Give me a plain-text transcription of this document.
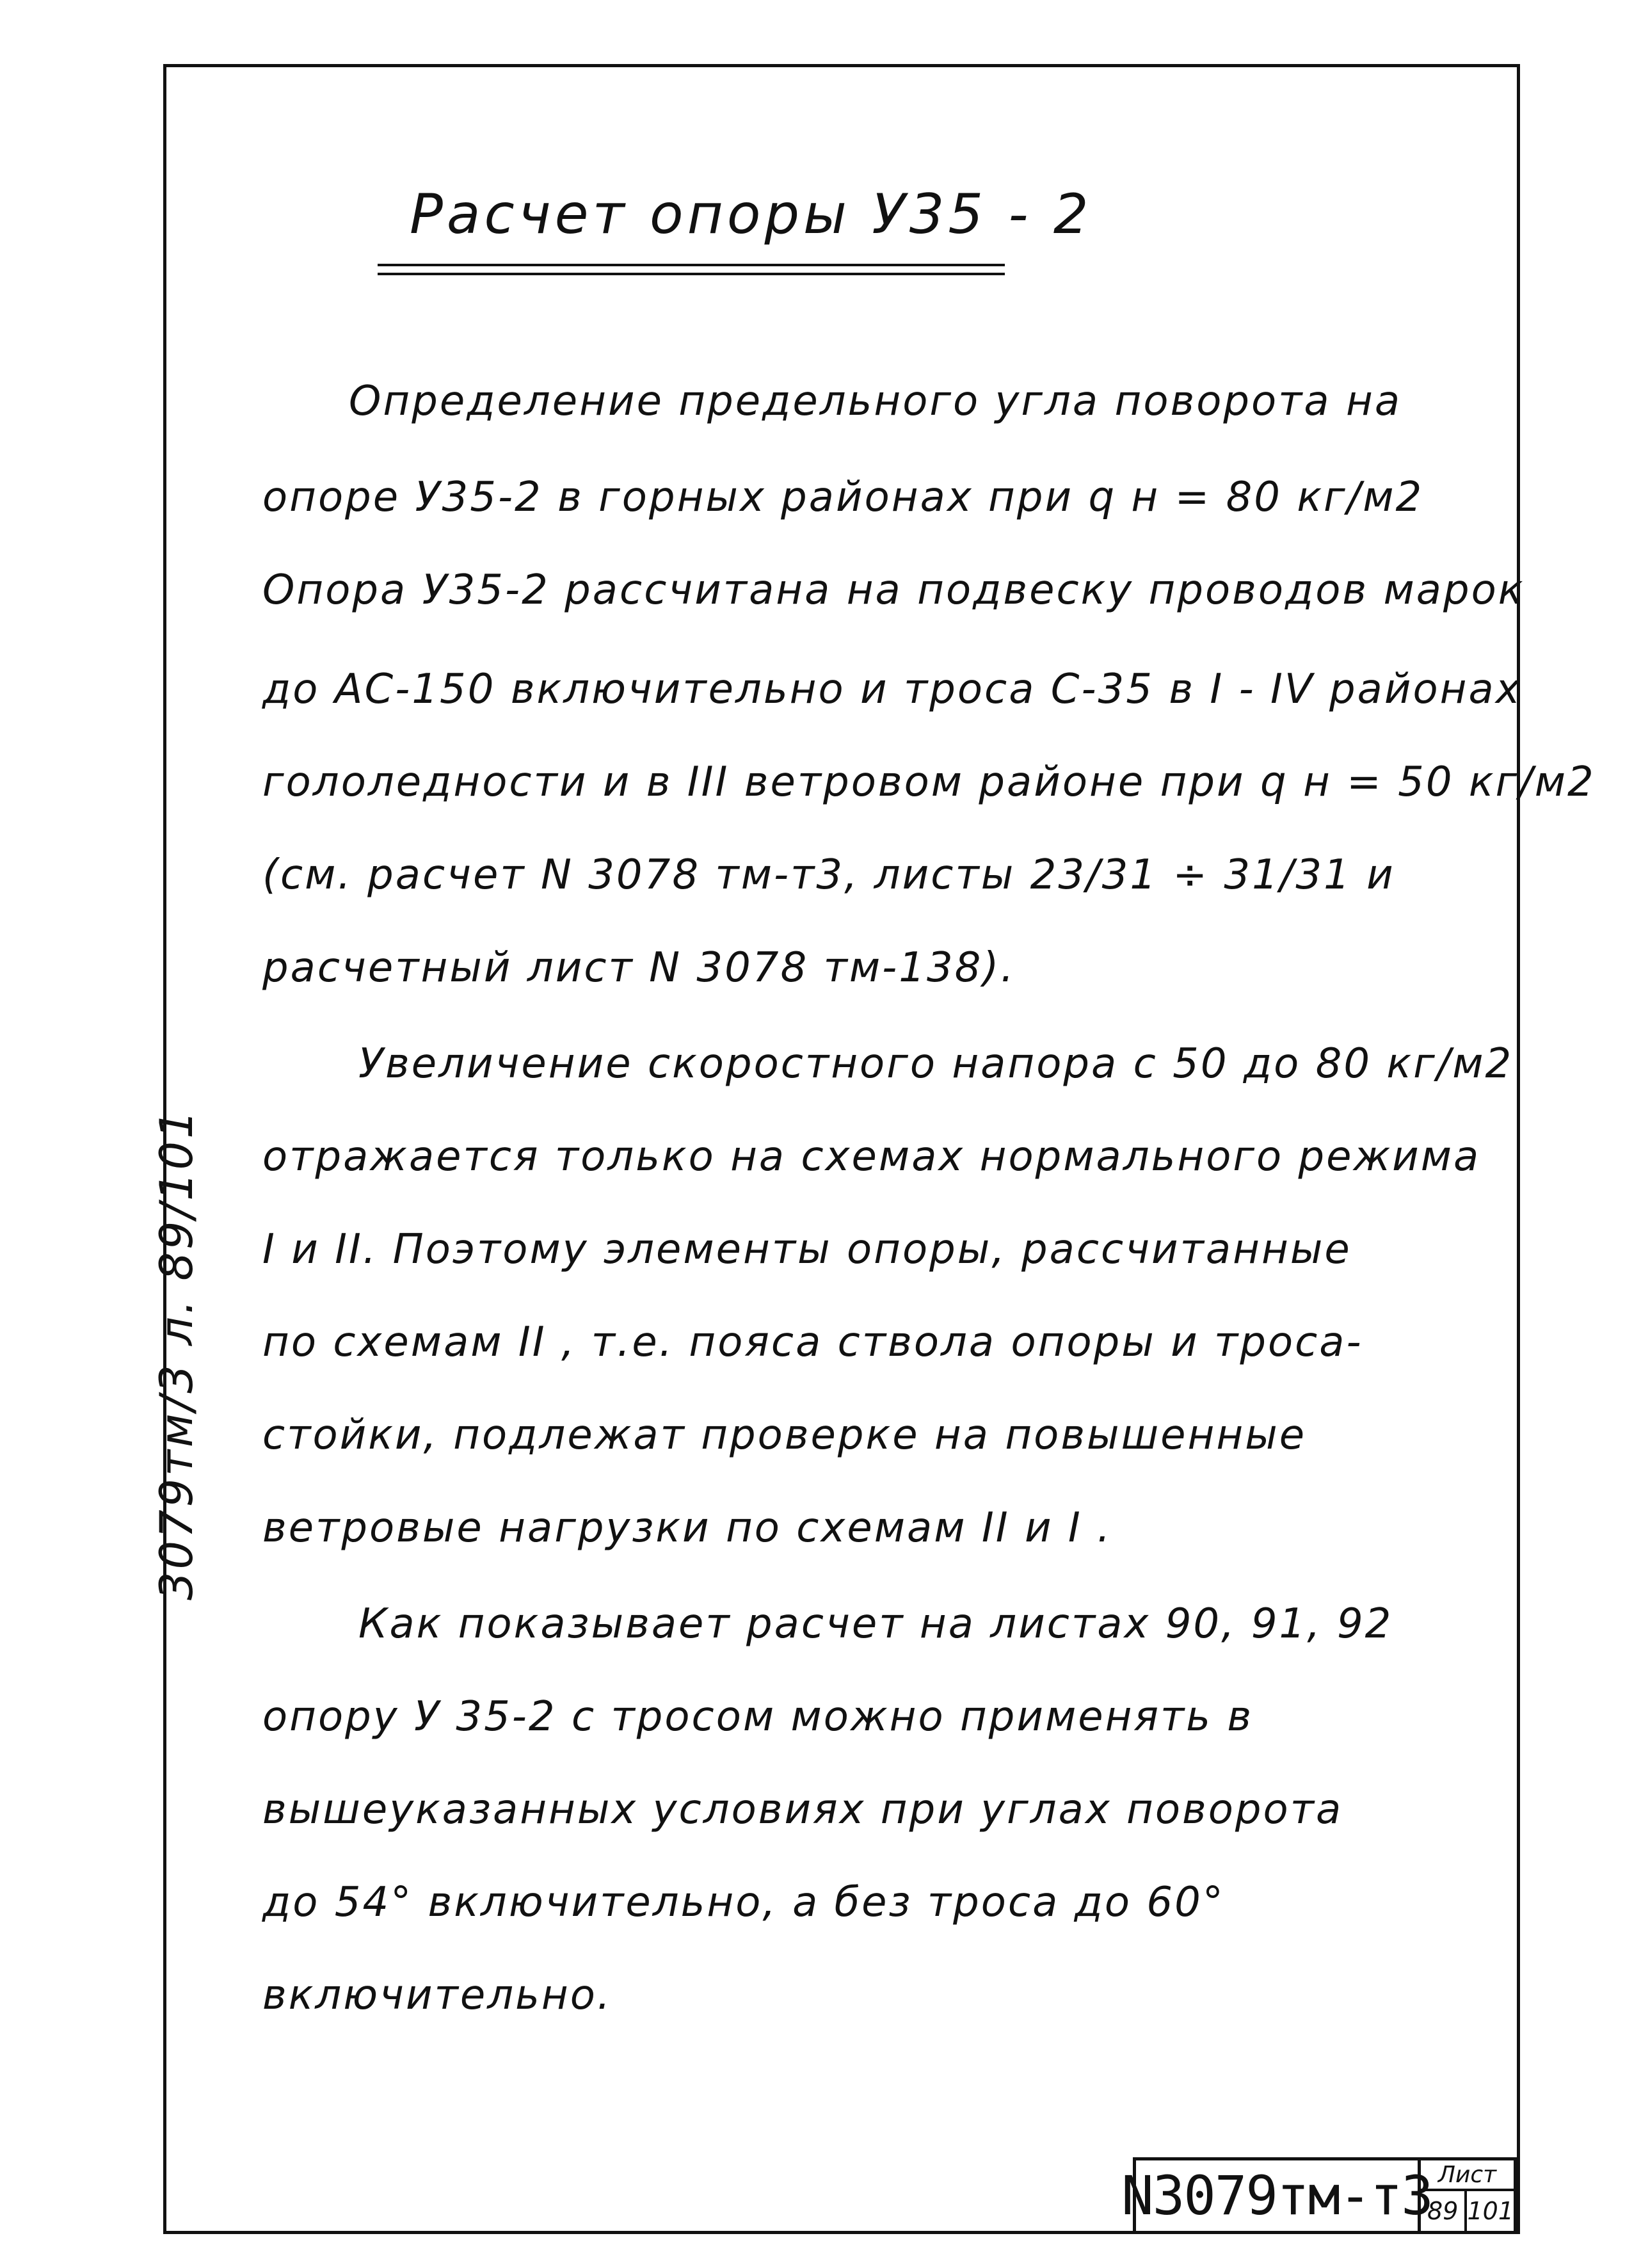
Расчет опоры У35 - 2
Определение предельного угла поворота на
опоре У35-2 в горных районах при q н = 80 кг/м2
Опора У35-2 рассчитана на подвеску проводов марок
до АС-150 включительно и троса С-35 в I - IV районах
гололедности и в III ветровом районе при q н = 50 кг/м2
(см. расчет N 3078 тм-т3, листы 23/31 ÷ 31/31 и
расчетный лист N 3078 тм-138).
Увеличение скоростного напора с 50 до 80 кг/м2
отражается только на схемах нормального режима
I и II. Поэтому элементы опоры, рассчитанные
по схемам II , т.е. пояса ствола опоры и троса-
стойки, подлежат проверке на повышенные
ветровые нагрузки по схемам II и I .
Как показывает расчет на листах 90, 91, 92
опору У 35-2 с тросом можно применять в
вышеуказанных условиях при углах поворота
до 54° включительно, а без троса до 60°
включительно.
3079тм/3 л. 89/101
N3079тм-т3 Лист
89 101
